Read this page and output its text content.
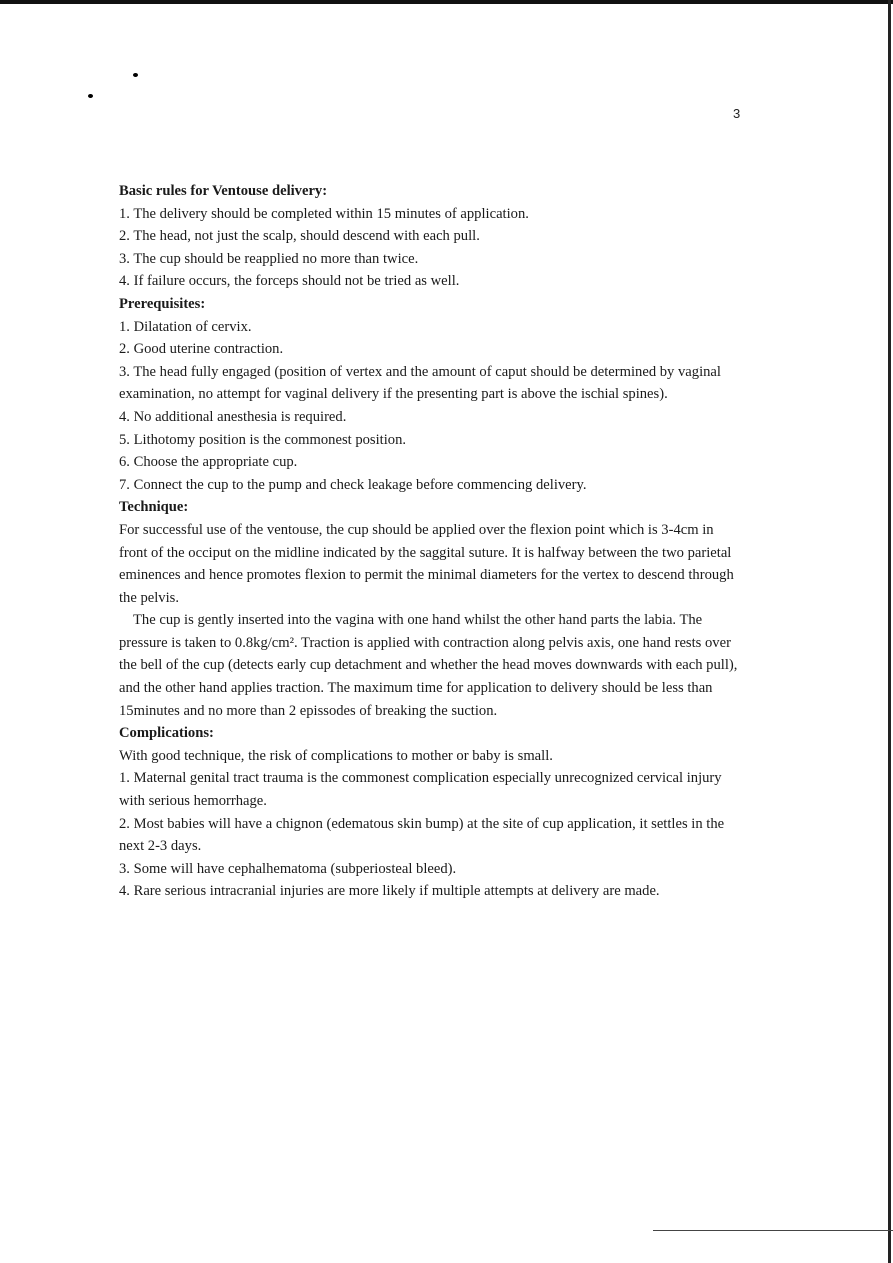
3

Basic rules for Ventouse delivery:

1. The delivery should be completed within 15 minutes of application.

2. The head, not just the scalp, should descend with each pull.

3. The cup should be reapplied no more than twice.

4. If failure occurs, the forceps should not be tried as well.

Prerequisites:

1. Dilatation of cervix.

2. Good uterine contraction.

3. The head fully engaged (position of vertex and the amount of caput should be determined by vaginal examination, no attempt for vaginal delivery if the presenting part is above the ischial spines).

4. No additional anesthesia is required.

5. Lithotomy position is the commonest position.

6. Choose the appropriate cup.

7. Connect the cup to the pump and check leakage before commencing delivery.

Technique:

For successful use of the ventouse, the cup should be applied over the flexion point which is 3-4cm in front of the occiput on the midline indicated by the saggital suture. It is halfway between the two parietal eminences and hence promotes flexion to permit the minimal diameters for the vertex to descend through the pelvis.

The cup is gently inserted into the vagina with one hand whilst the other hand parts the labia. The pressure is taken to 0.8kg/cm². Traction is applied with contraction along pelvis axis, one hand rests over the bell of the cup (detects early cup detachment and whether the head moves downwards with each pull), and the other hand applies traction. The maximum time for application to delivery should be less than 15minutes and no more than 2 epissodes of breaking the suction.

Complications:

With good technique, the risk of complications to mother or baby is small.

1. Maternal genital tract trauma is the commonest complication especially unrecognized cervical injury with serious hemorrhage.

2. Most babies will have a chignon (edematous skin bump) at the site of cup application, it settles in the next 2-3 days.

3. Some will have cephalhematoma (subperiosteal bleed).

4. Rare serious intracranial injuries are more likely if multiple attempts at delivery are made.
